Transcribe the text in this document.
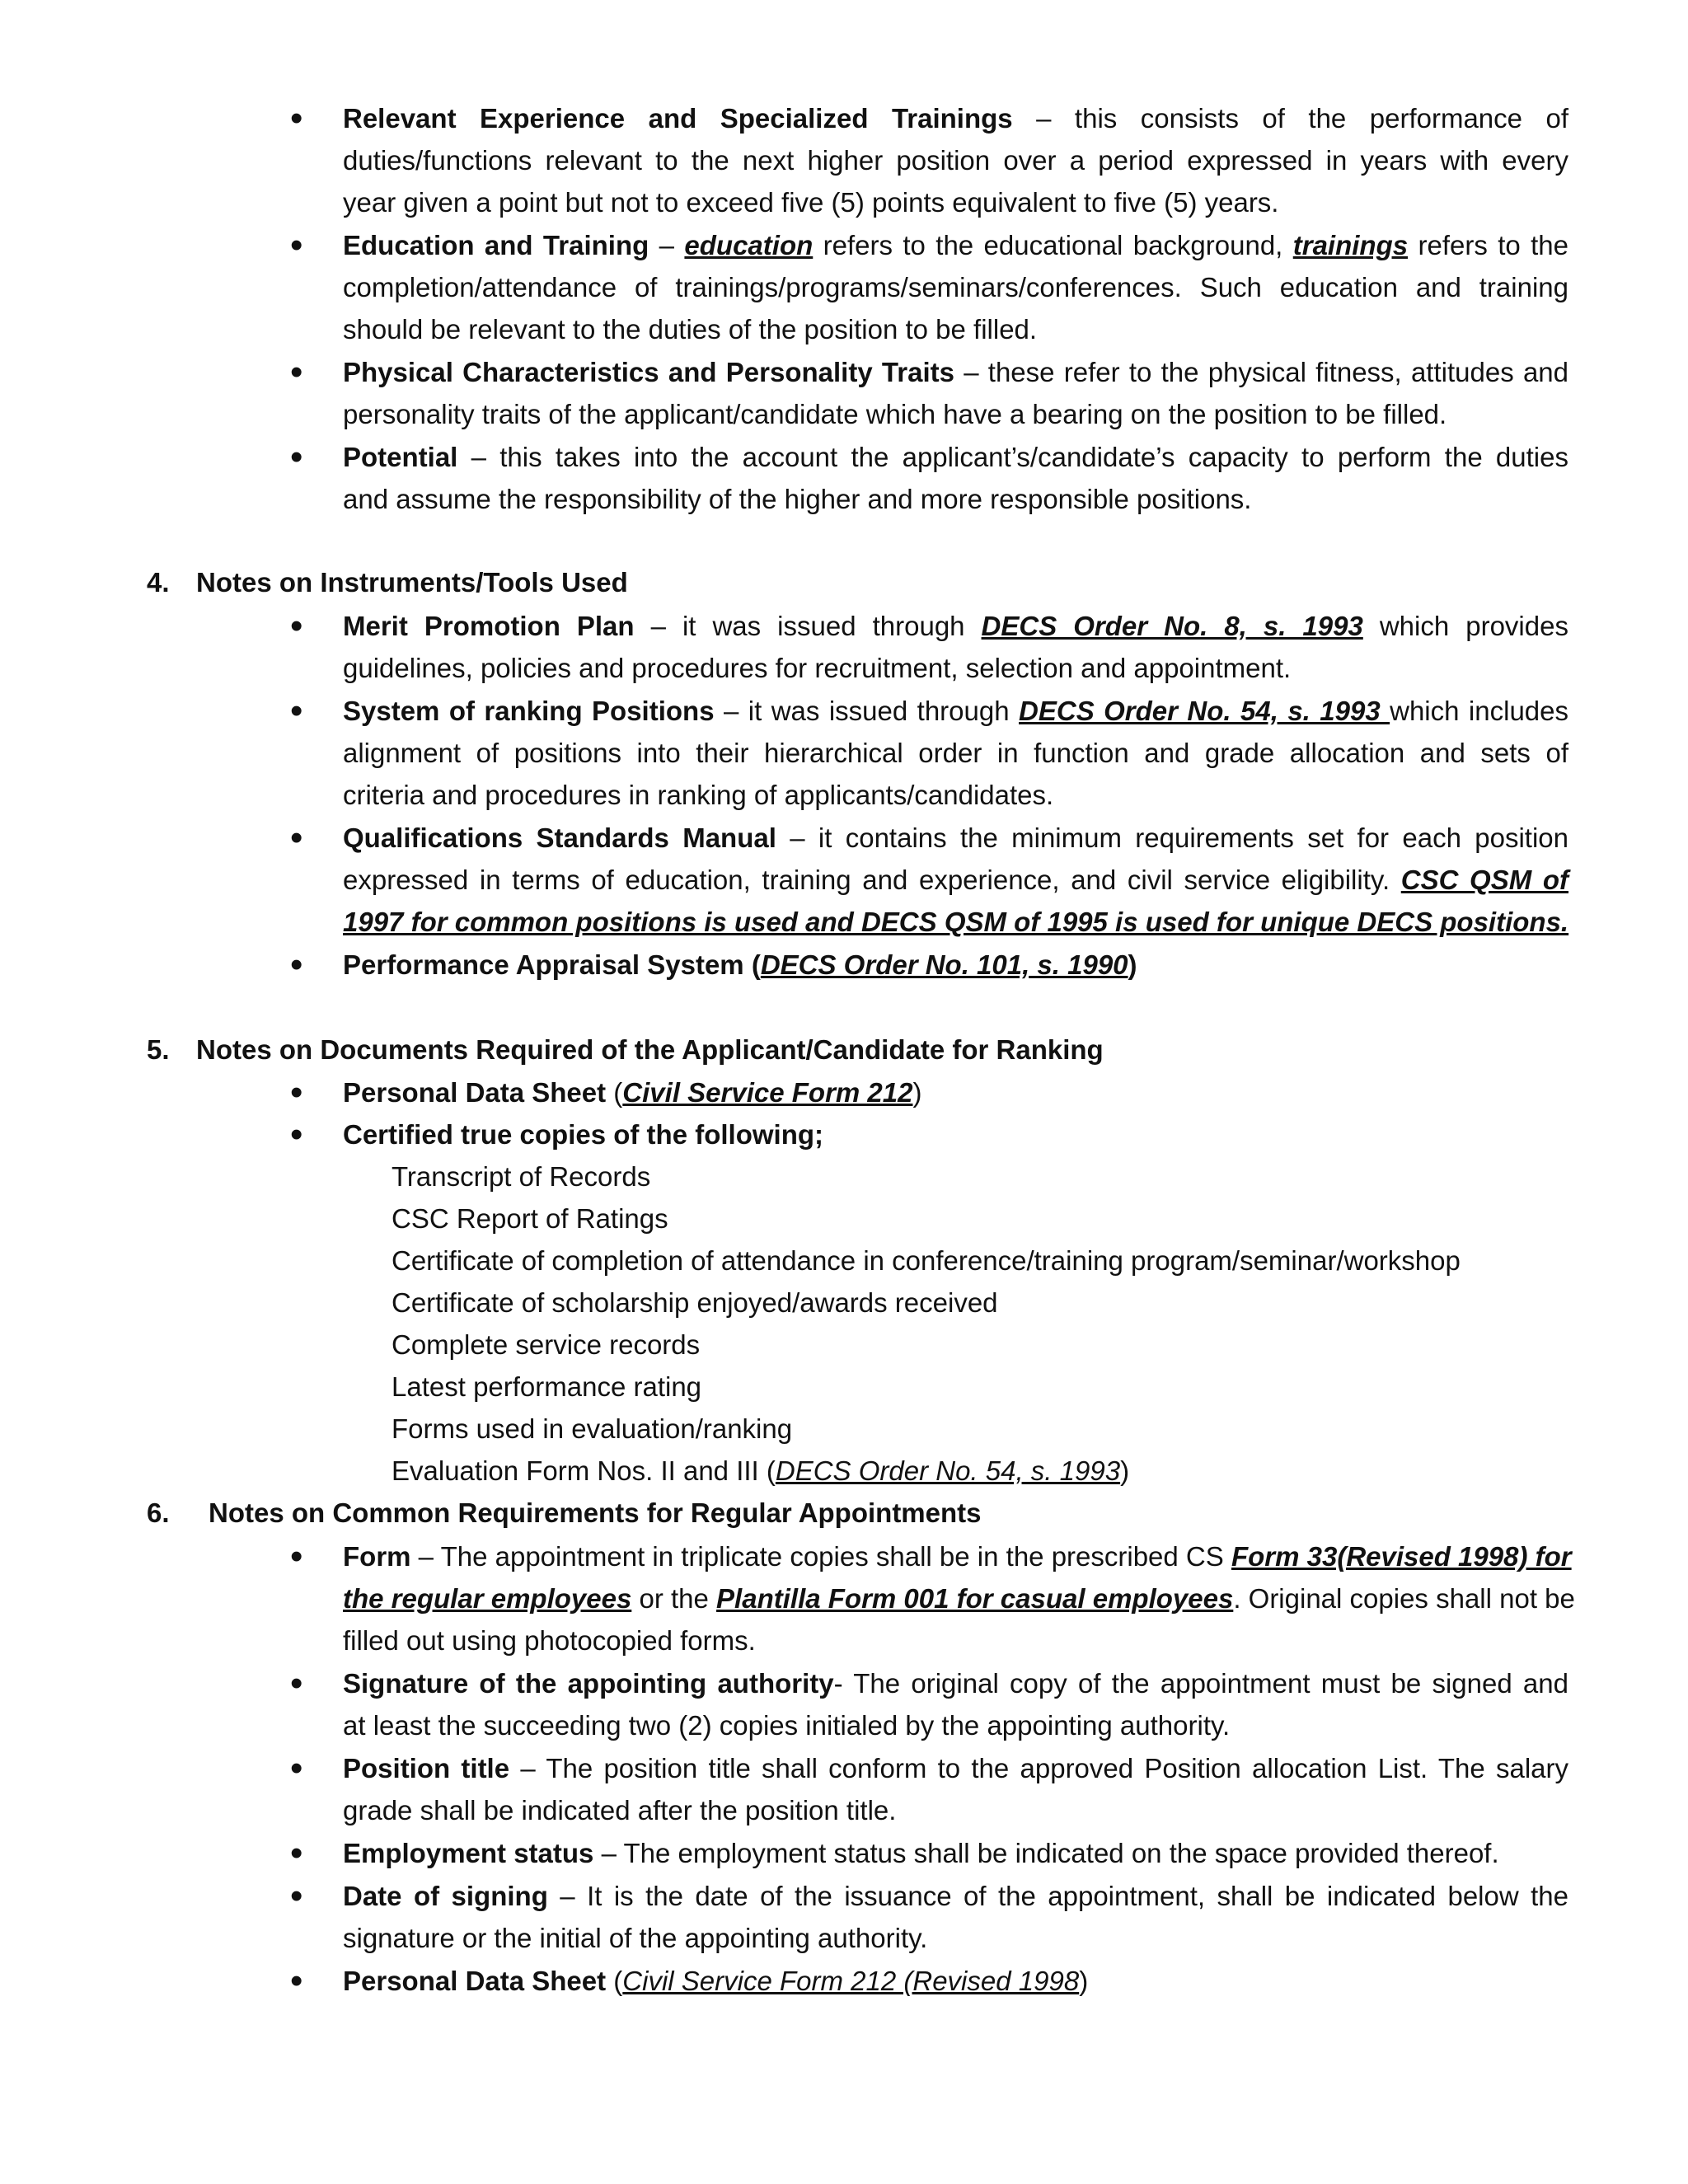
• Relevant Experience and Specialized Trainings – this consists of the performance of
duties/functions relevant to the next higher position over a period expressed in years with every
year given a point but not to exceed five (5) points equivalent to five (5) years.
• Education and Training – education refers to the educational background, trainings refers to the
completion/attendance of trainings/programs/seminars/conferences. Such education and training
should be relevant to the duties of the position to be filled.
• Physical Characteristics and Personality Traits – these refer to the physical fitness, attitudes and
personality traits of the applicant/candidate which have a bearing on the position to be filled.
• Potential – this takes into the account the applicant’s/candidate’s capacity to perform the duties
and assume the responsibility of the higher and more responsible positions.
4. Notes on Instruments/Tools Used
• Merit Promotion Plan – it was issued through DECS Order No. 8, s. 1993 which provides
guidelines, policies and procedures for recruitment, selection and appointment.
• System of ranking Positions – it was issued through DECS Order No. 54, s. 1993 which includes
alignment of positions into their hierarchical order in function and grade allocation and sets of
criteria and procedures in ranking of applicants/candidates.
• Qualifications Standards Manual – it contains the minimum requirements set for each position
expressed in terms of education, training and experience, and civil service eligibility. CSC QSM of
1997 for common positions is used and DECS QSM of 1995 is used for unique DECS positions.
• Performance Appraisal System (DECS Order No. 101, s. 1990)
5. Notes on Documents Required of the Applicant/Candidate for Ranking
• Personal Data Sheet (Civil Service Form 212)
• Certified true copies of the following;
Transcript of Records
CSC Report of Ratings
Certificate of completion of attendance in conference/training program/seminar/workshop
Certificate of scholarship enjoyed/awards received
Complete service records
Latest performance rating
Forms used in evaluation/ranking
Evaluation Form Nos. II and III (DECS Order No. 54, s. 1993)
6. Notes on Common Requirements for Regular Appointments
• Form – The appointment in triplicate copies shall be in the prescribed CS Form 33(Revised 1998) for
the regular employees or the Plantilla Form 001 for casual employees. Original copies shall not be
filled out using photocopied forms.
• Signature of the appointing authority- The original copy of the appointment must be signed and
at least the succeeding two (2) copies initialed by the appointing authority.
• Position title – The position title shall conform to the approved Position allocation List. The salary
grade shall be indicated after the position title.
• Employment status – The employment status shall be indicated on the space provided thereof.
• Date of signing – It is the date of the issuance of the appointment, shall be indicated below the
signature or the initial of the appointing authority.
• Personal Data Sheet (Civil Service Form 212 (Revised 1998)
